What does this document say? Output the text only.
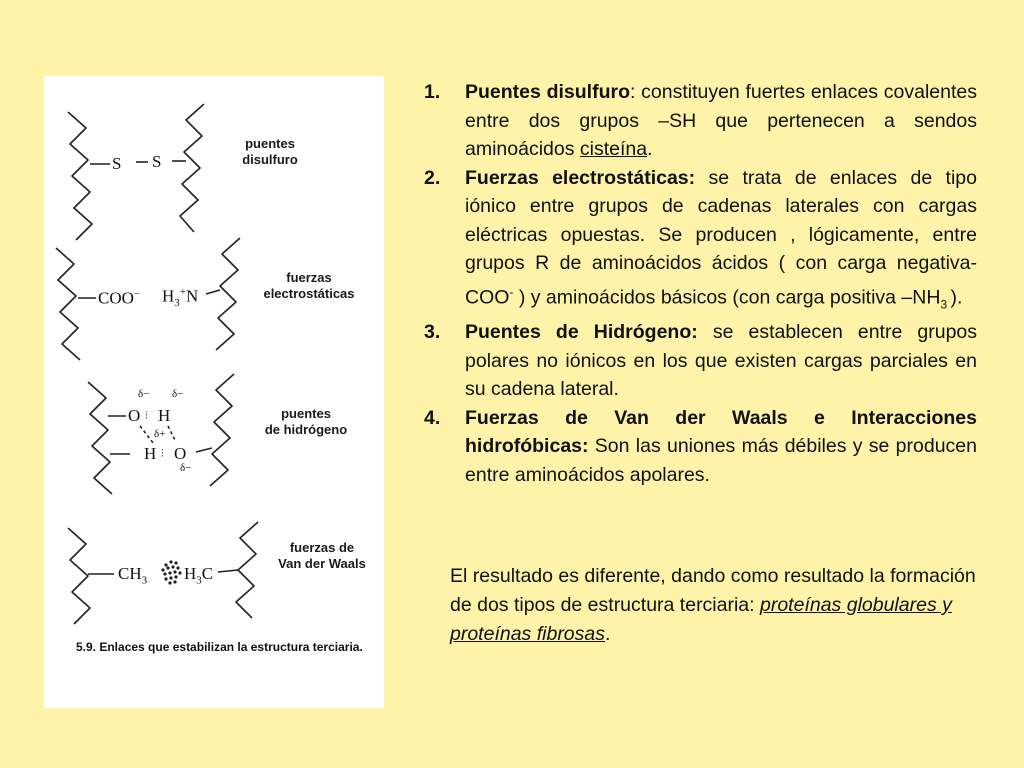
S S
puentes
disulfuro
COO− $H_3^+N$
fuerzas
electrostáticas
δ− δ−
O ⫶ H
δ+
H ⫶ O
δ−
puentes
de hidrógeno
$CH_3$ $H_3C$
fuerzas de
Van der Waals
5.9. Enlaces que estabilizan la estructura terciaria.
1. Puentes disulfuro: constituyen fuertes enlaces covalentes entre dos grupos –SH que pertenecen a sendos aminoácidos cisteína.
2. Fuerzas electrostáticas: se trata de enlaces de tipo iónico entre grupos de cadenas laterales con cargas eléctricas opuestas. Se producen , lógicamente, entre grupos R de aminoácidos ácidos ( con carga negativa-COO- ) y aminoácidos básicos (con carga positiva $-NH_3$ ).
3. Puentes de Hidrógeno: se establecen entre grupos polares no iónicos en los que existen cargas parciales en su cadena lateral.
4. Fuerzas de Van der Waals e Interacciones hidrofóbicas: Son las uniones más débiles y se producen entre aminoácidos apolares.
El resultado es diferente, dando como resultado la formación de dos tipos de estructura terciaria: proteínas globulares y proteínas fibrosas.
